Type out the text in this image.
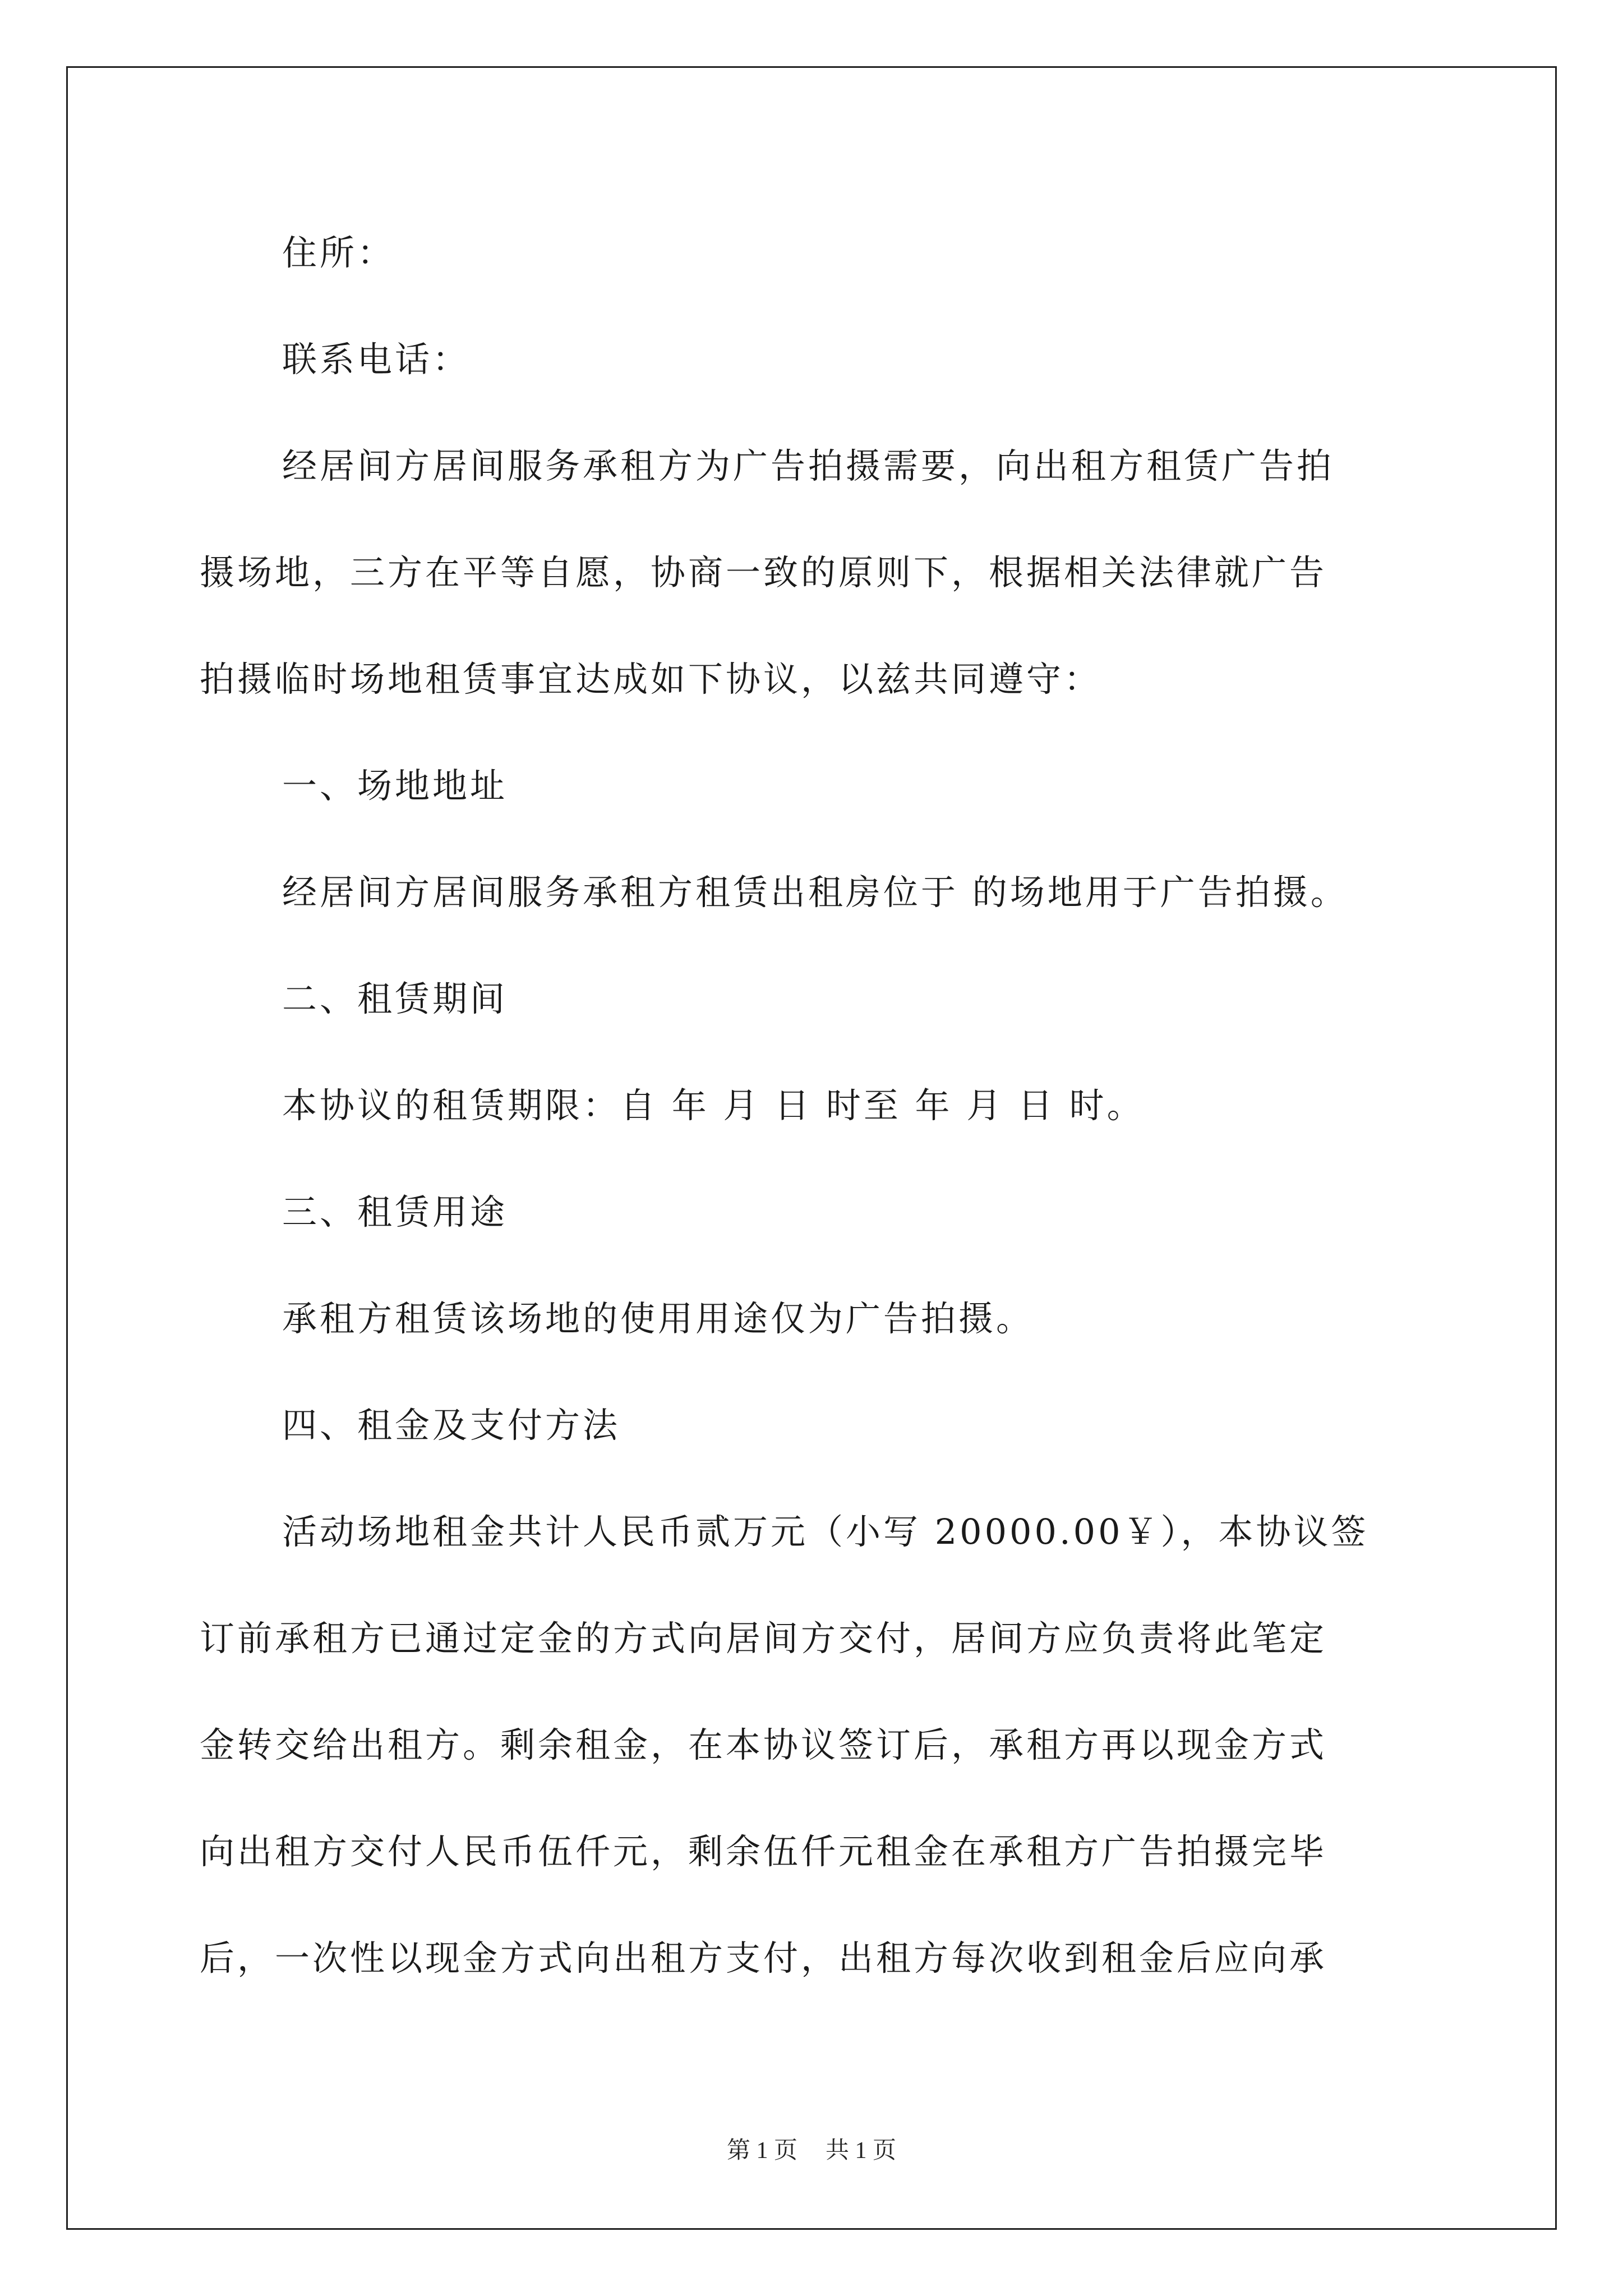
住所：
联系电话：
经居间方居间服务承租方为广告拍摄需要，向出租方租赁广告拍
摄场地，三方在平等自愿，协商一致的原则下，根据相关法律就广告
拍摄临时场地租赁事宜达成如下协议，以兹共同遵守：
一、场地地址
经居间方居间服务承租方租赁出租房位于 的场地用于广告拍摄。
二、租赁期间
本协议的租赁期限：自 年 月 日 时至 年 月 日 时。
三、租赁用途
承租方租赁该场地的使用用途仅为广告拍摄。
四、租金及支付方法
活动场地租金共计人民币贰万元（小写 20000.00￥），本协议签
订前承租方已通过定金的方式向居间方交付，居间方应负责将此笔定
金转交给出租方。剩余租金，在本协议签订后，承租方再以现金方式
向出租方交付人民币伍仟元，剩余伍仟元租金在承租方广告拍摄完毕
后，一次性以现金方式向出租方支付，出租方每次收到租金后应向承
第 1 页 共 1 页
